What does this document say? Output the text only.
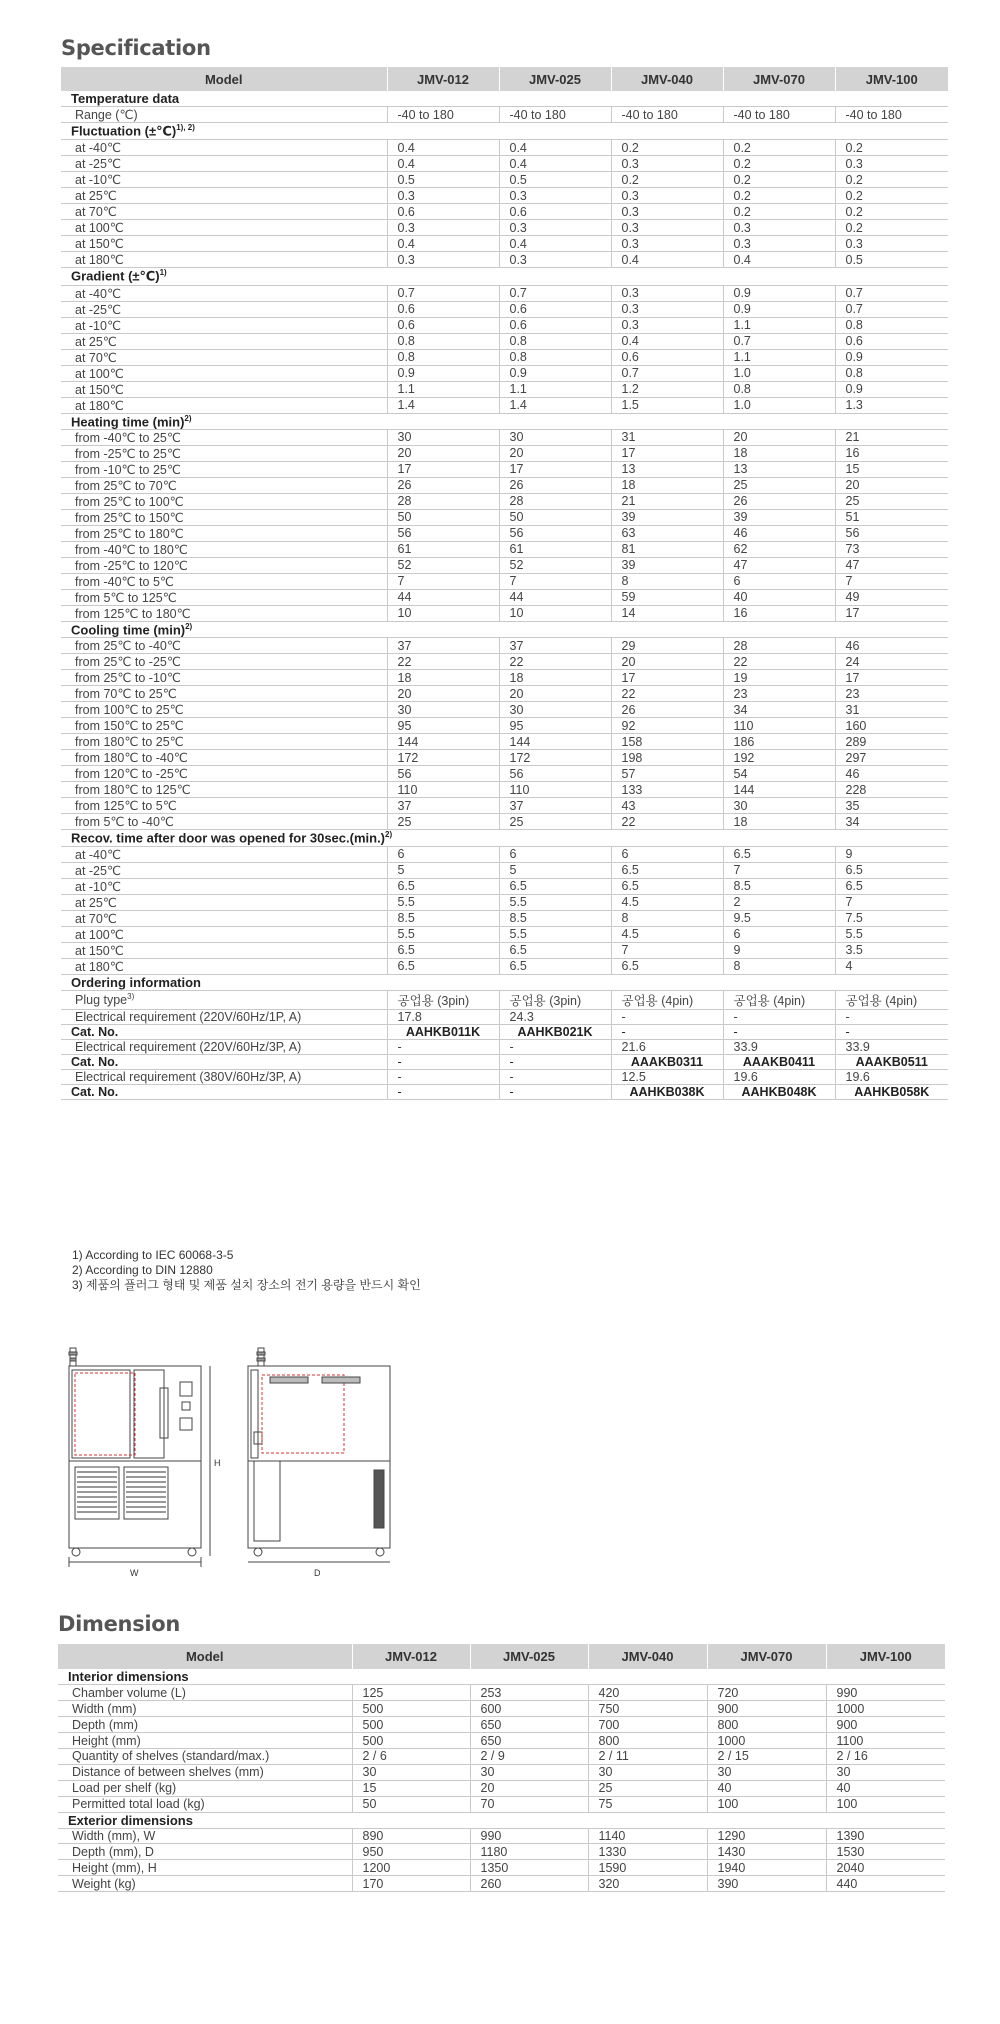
Specification
Model	JMV-012	JMV-025	JMV-040	JMV-070	JMV-100
Temperature data					
Range (℃)	-40 to 180	-40 to 180	-40 to 180	-40 to 180	-40 to 180
Fluctuation (±℃)$^{1), 2)}$
at -40℃	0.4	0.4	0.2	0.2	0.2
at -25℃	0.4	0.4	0.3	0.2	0.3
at -10℃	0.5	0.5	0.2	0.2	0.2
at 25℃	0.3	0.3	0.3	0.2	0.2
at 70℃	0.6	0.6	0.3	0.2	0.2
at 100℃	0.3	0.3	0.3	0.3	0.2
at 150℃	0.4	0.4	0.3	0.3	0.3
at 180℃	0.3	0.3	0.4	0.4	0.5
Gradient (±℃)$^{1)}$
at -40℃	0.7	0.7	0.3	0.9	0.7
at -25℃	0.6	0.6	0.3	0.9	0.7
at -10℃	0.6	0.6	0.3	1.1	0.8
at 25℃	0.8	0.8	0.4	0.7	0.6
at 70℃	0.8	0.8	0.6	1.1	0.9
at 100℃	0.9	0.9	0.7	1.0	0.8
at 150℃	1.1	1.1	1.2	0.8	0.9
at 180℃	1.4	1.4	1.5	1.0	1.3
Heating time $(\min)^{2)}$
from -40℃ to 25℃	30	30	31	20	21
from -25℃ to 25℃	20	20	17	18	16
from -10℃ to 25℃	17	17	13	13	15
from 25℃ to 70℃	26	26	18	25	20
from 25℃ to 100℃	28	28	21	26	25
from 25℃ to 150℃	50	50	39	39	51
from 25℃ to 180℃	56	56	63	46	56
from -40℃ to 180℃	61	61	81	62	73
from -25℃ to 120℃	52	52	39	47	47
from -40℃ to 5℃	7	7	8	6	7
from 5℃ to 125℃	44	44	59	40	49
from 125℃ to 180℃	10	10	14	16	17
Cooling time $(\min)^{2)}$
from 25℃ to -40℃	37	37	29	28	46
from 25℃ to -25℃	22	22	20	22	24
from 25℃ to -10℃	18	18	17	19	17
from 70℃ to 25℃	20	20	22	23	23
from 100℃ to 25℃	30	30	26	34	31
from 150℃ to 25℃	95	95	92	110	160
from 180℃ to 25℃	144	144	158	186	289
from 180℃ to -40℃	172	172	198	192	297
from 120℃ to -25℃	56	56	57	54	46
from 180℃ to 125℃	110	110	133	144	228
from 125℃ to 5℃	37	37	43	30	35
from 5℃ to -40℃	25	25	22	18	34
Recov. time after door was opened for $30\sec.(\min.)^{2)}$
at -40℃	6	6	6	6.5	9
at -25℃	5	5	6.5	7	6.5
at -10℃	6.5	6.5	6.5	8.5	6.5
at 25℃	5.5	5.5	4.5	2	7
at 70℃	8.5	8.5	8	9.5	7.5
at 100℃	5.5	5.5	4.5	6	5.5
at 150℃	6.5	6.5	7	9	3.5
at 180℃	6.5	6.5	6.5	8	4
Ordering information					
Plug type$^{3)}$	공업용 (3pin)	공업용 (3pin)	공업용 (4pin)	공업용 (4pin)	공업용 (4pin)
Electrical requirement (220V/60Hz/1P, A)	17.8	24.3	-	-	-
Cat. No.	AAHKB011K	AAHKB021K	-	-	-
Electrical requirement (220V/60Hz/3P, A)	-	-	21.6	33.9	33.9
Cat. No.	-	-	AAAKB0311	AAAKB0411	AAAKB0511
Electrical requirement (380V/60Hz/3P, A)	-	-	12.5	19.6	19.6
Cat. No.	-	-	AAHKB038K	AAHKB048K	AAHKB058K
1) According to IEC 60068-3-5
2) According to DIN 12880
3) 제품의 플러그 형태 및 제품 설치 장소의 전기 용량을 반드시 확인
W
H
D
Dimension
Model	JMV-012	JMV-025	JMV-040	JMV-070	JMV-100
Interior dimensions					
Chamber volume (L)	125	253	420	720	990
Width (mm)	500	600	750	900	1000
Depth (mm)	500	650	700	800	900
Height (mm)	500	650	800	1000	1100
Quantity of shelves (standard/max.)	2 / 6	2 / 9	2 / 11	2 / 15	2 / 16
Distance of between shelves (mm)	30	30	30	30	30
Load per shelf (kg)	15	20	25	40	40
Permitted total load (kg)	50	70	75	100	100
Exterior dimensions					
Width (mm), W	890	990	1140	1290	1390
Depth (mm), D	950	1180	1330	1430	1530
Height (mm), H	1200	1350	1590	1940	2040
Weight (kg)	170	260	320	390	440
